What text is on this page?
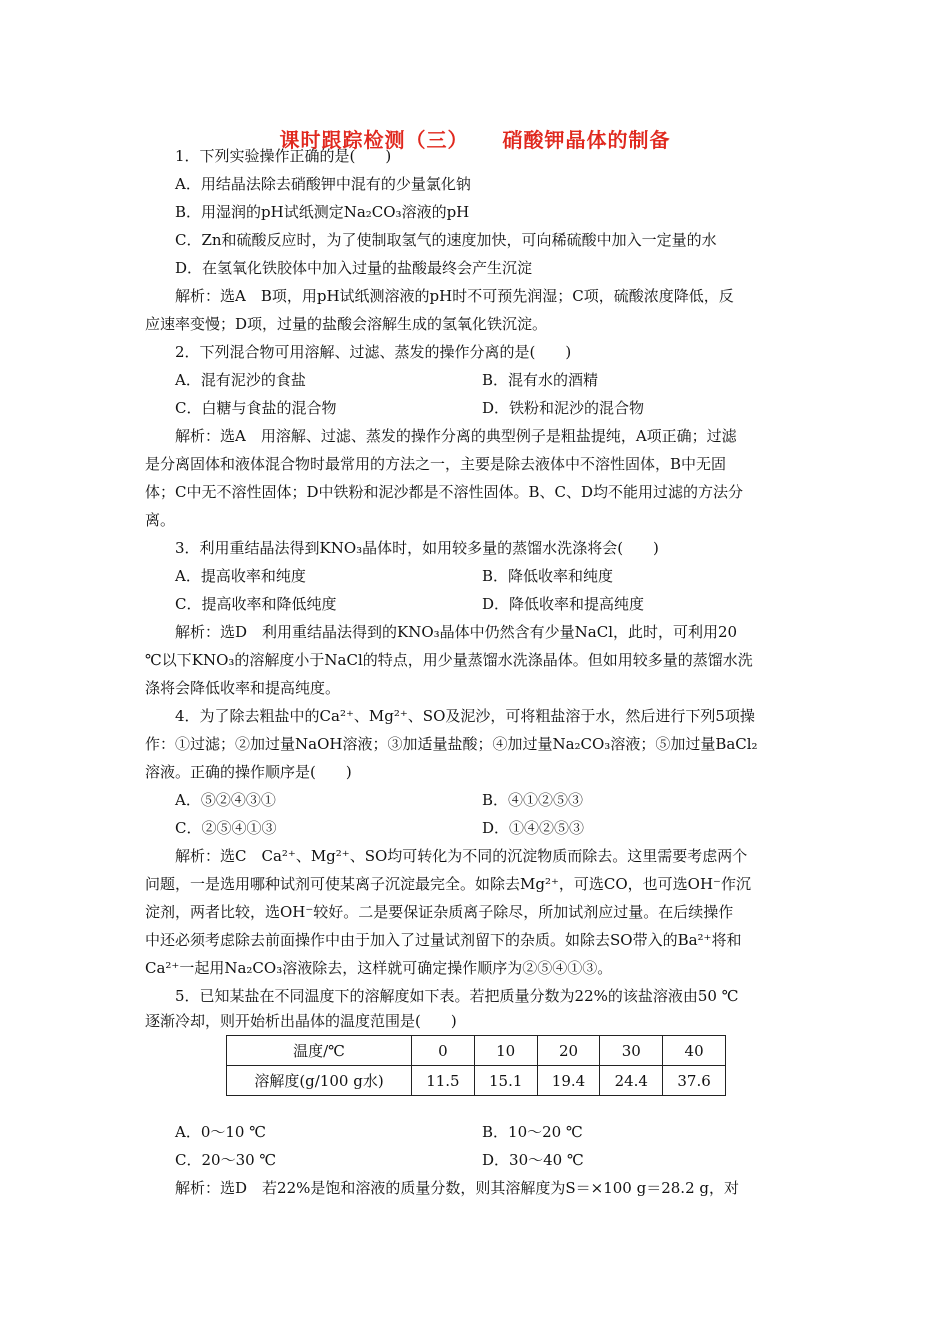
课时跟踪检测（三） 硝酸钾晶体的制备
1．下列实验操作正确的是(　　)
A．用结晶法除去硝酸钾中混有的少量氯化钠
B．用湿润的pH试纸测定Na₂CO₃溶液的pH
C．Zn和硫酸反应时，为了使制取氢气的速度加快，可向稀硫酸中加入一定量的水
D．在氢氧化铁胶体中加入过量的盐酸最终会产生沉淀
解析：选A　B项，用pH试纸测溶液的pH时不可预先润湿；C项，硫酸浓度降低，反
应速率变慢；D项，过量的盐酸会溶解生成的氢氧化铁沉淀。
2．下列混合物可用溶解、过滤、蒸发的操作分离的是(　　)
A．混有泥沙的食盐	B．混有水的酒精
C．白糖与食盐的混合物	D．铁粉和泥沙的混合物
解析：选A　用溶解、过滤、蒸发的操作分离的典型例子是粗盐提纯，A项正确；过滤
是分离固体和液体混合物时最常用的方法之一，主要是除去液体中不溶性固体，B中无固
体；C中无不溶性固体；D中铁粉和泥沙都是不溶性固体。B、C、D均不能用过滤的方法分
离。
3．利用重结晶法得到KNO₃晶体时，如用较多量的蒸馏水洗涤将会(　　)
A．提高收率和纯度	B．降低收率和纯度
C．提高收率和降低纯度	D．降低收率和提高纯度
解析：选D　利用重结晶法得到的KNO₃晶体中仍然含有少量NaCl，此时，可利用20
℃以下KNO₃的溶解度小于NaCl的特点，用少量蒸馏水洗涤晶体。但如用较多量的蒸馏水洗
涤将会降低收率和提高纯度。
4．为了除去粗盐中的Ca²⁺、Mg²⁺、SO及泥沙，可将粗盐溶于水，然后进行下列5项操
作：①过滤；②加过量NaOH溶液；③加适量盐酸；④加过量Na₂CO₃溶液；⑤加过量BaCl₂
溶液。正确的操作顺序是(　　)
A．⑤②④③①	B．④①②⑤③
C．②⑤④①③	D．①④②⑤③
解析：选C　Ca²⁺、Mg²⁺、SO均可转化为不同的沉淀物质而除去。这里需要考虑两个
问题，一是选用哪种试剂可使某离子沉淀最完全。如除去Mg²⁺，可选CO，也可选OH⁻作沉
淀剂，两者比较，选OH⁻较好。二是要保证杂质离子除尽，所加试剂应过量。在后续操作
中还必须考虑除去前面操作中由于加入了过量试剂留下的杂质。如除去SO带入的Ba²⁺将和
Ca²⁺一起用Na₂CO₃溶液除去，这样就可确定操作顺序为②⑤④①③。
5．已知某盐在不同温度下的溶解度如下表。若把质量分数为22%的该盐溶液由50 ℃
逐渐冷却，则开始析出晶体的温度范围是(　　)
温度/℃	0	10	20	30	40
溶解度(g/100 g水)	11.5	15.1	19.4	24.4	37.6
A．0～10 ℃	B．10～20 ℃
C．20～30 ℃	D．30～40 ℃
解析：选D　若22%是饱和溶液的质量分数，则其溶解度为S＝×100 g＝28.2 g，对
